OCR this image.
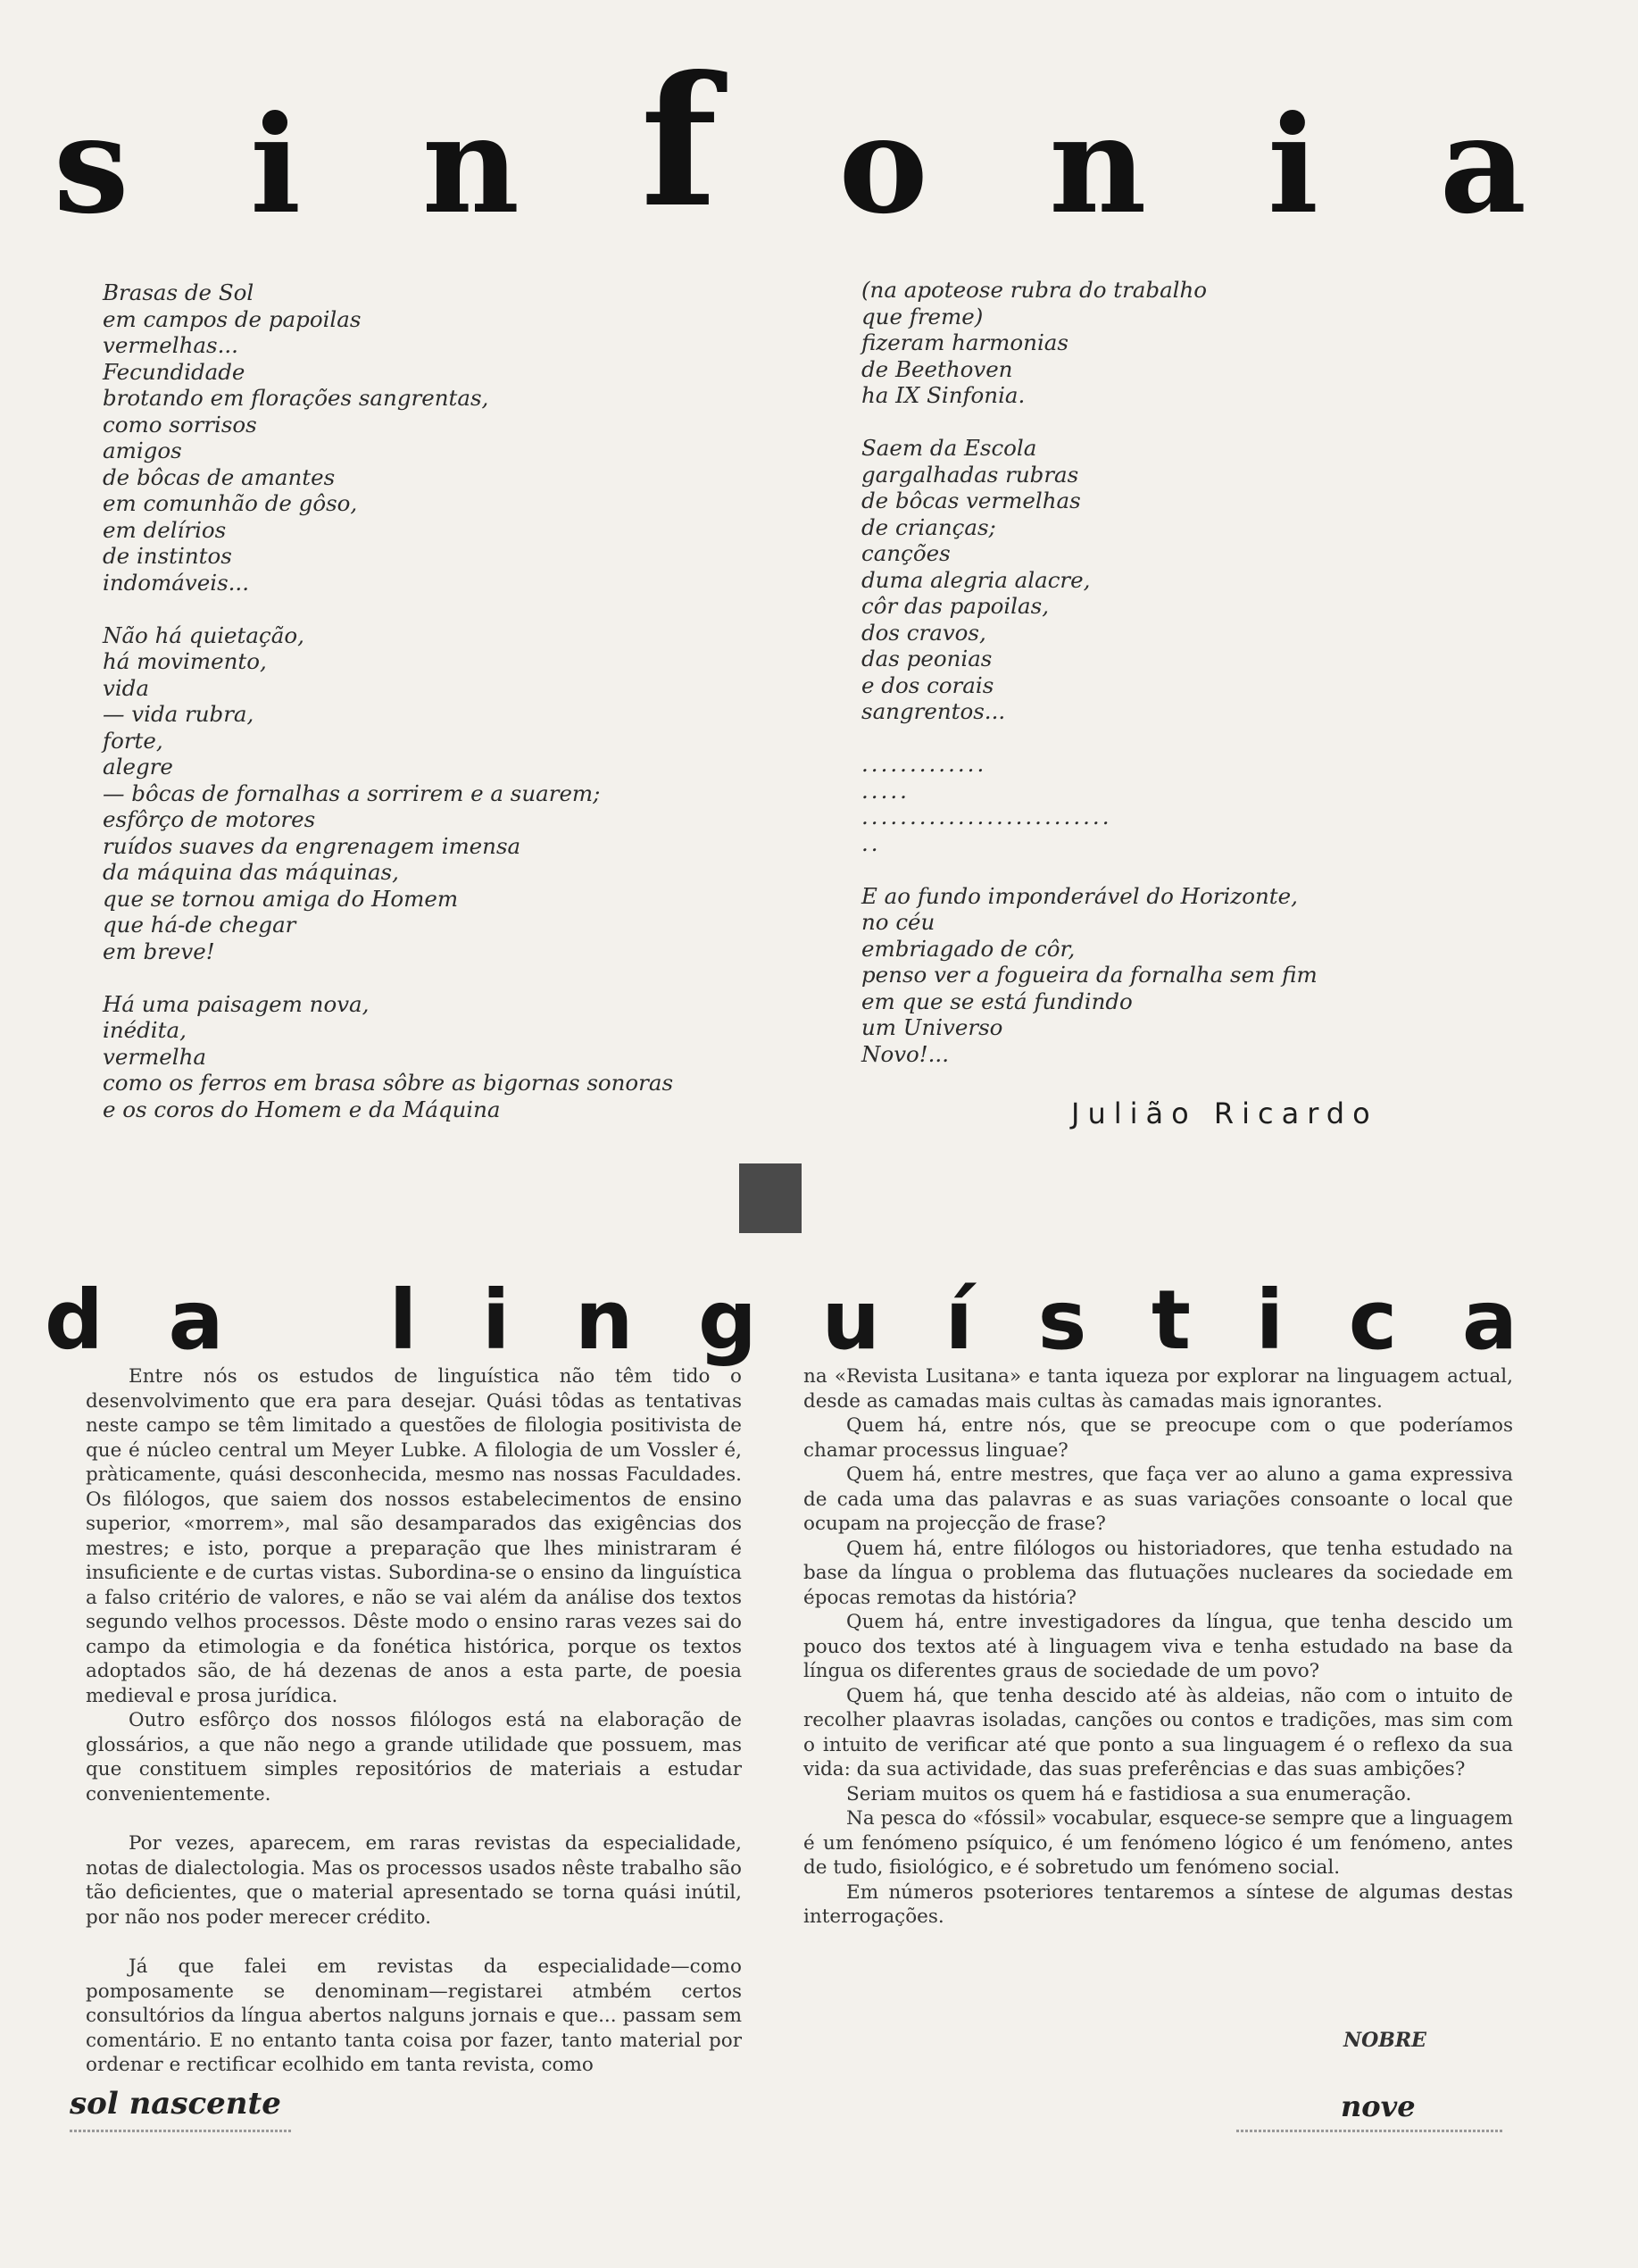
s i n f o n i a
Brasas de Sol
em campos de papoilas
vermelhas...
Fecundidade
brotando em florações sangrentas,
como sorrisos
amigos
de bôcas de amantes
em comunhão de gôso,
em delírios
de instintos
indomáveis...
Não há quietação,
há movimento,
vida
— vida rubra,
forte,
alegre
— bôcas de fornalhas a sorrirem e a suarem;
esfôrço de motores
ruídos suaves da engrenagem imensa
da máquina das máquinas,
que se tornou amiga do Homem
que há-de chegar
em breve!
Há uma paisagem nova,
inédita,
vermelha
como os ferros em brasa sôbre as bigornas sonoras
e os coros do Homem e da Máquina
(na apoteose rubra do trabalho
que freme)
fizeram harmonias
de Beethoven
ha IX Sinfonia.
Saem da Escola
gargalhadas rubras
de bôcas vermelhas
de crianças;
canções
duma alegria alacre,
côr das papoilas,
dos cravos,
das peonias
e dos corais
sangrentos...
.............
.....
..........................
..
E ao fundo imponderável do Horizonte,
no céu
embriagado de côr,
penso ver a fogueira da fornalha sem fim
em que se está fundindo
um Universo
Novo!...
Julião Ricardo
d a l i n g u í s t i c a

Entre nós os estudos de linguística não têm tido o desenvolvimento que era para desejar. Quási tôdas as tentativas neste campo se têm limitado a questões de filologia positivista de que é núcleo central um Meyer Lubke. A filologia de um Vossler é, pràticamente, quási desconhecida, mesmo nas nossas Faculdades. Os filólogos, que saiem dos nossos estabelecimentos de ensino superior, «morrem», mal são desamparados das exigências dos mestres; e isto, porque a preparação que lhes ministraram é insuficiente e de curtas vistas. Subordina-se o ensino da linguística a falso critério de valores, e não se vai além da análise dos textos segundo velhos processos. Dêste modo o ensino raras vezes sai do campo da etimologia e da fonética histórica, porque os textos adoptados são, de há dezenas de anos a esta parte, de poesia medieval e prosa jurídica.

Outro esfôrço dos nossos filólogos está na elaboração de glossários, a que não nego a grande utilidade que possuem, mas que constituem simples repositórios de materiais a estudar convenientemente.

Por vezes, aparecem, em raras revistas da especialidade, notas de dialectologia. Mas os processos usados nêste trabalho são tão deficientes, que o material apresentado se torna quási inútil, por não nos poder merecer crédito.

Já que falei em revistas da especialidade—como pomposamente se denominam—registarei atmbém certos consultórios da língua abertos nalguns jornais e que... passam sem comentário. E no entanto tanta coisa por fazer, tanto material por ordenar e rectificar ecolhido em tanta revista, como

na «Revista Lusitana» e tanta iqueza por explorar na linguagem actual, desde as camadas mais cultas às camadas mais ignorantes.

Quem há, entre nós, que se preocupe com o que poderíamos chamar processus linguae?

Quem há, entre mestres, que faça ver ao aluno a gama expressiva de cada uma das palavras e as suas variações consoante o local que ocupam na projecção de frase?

Quem há, entre filólogos ou historiadores, que tenha estudado na base da língua o problema das flutuações nucleares da sociedade em épocas remotas da história?

Quem há, entre investigadores da língua, que tenha descido um pouco dos textos até à linguagem viva e tenha estudado na base da língua os diferentes graus de sociedade de um povo?

Quem há, que tenha descido até às aldeias, não com o intuito de recolher plaavras isoladas, canções ou contos e tradições, mas sim com o intuito de verificar até que ponto a sua linguagem é o reflexo da sua vida: da sua actividade, das suas preferências e das suas ambições?

Seriam muitos os quem há e fastidiosa a sua enumeração.

Na pesca do «fóssil» vocabular, esquece-se sempre que a linguagem é um fenómeno psíquico, é um fenómeno lógico é um fenómeno, antes de tudo, fisiológico, e é sobretudo um fenómeno social.

Em números psoteriores tentaremos a síntese de algumas destas interrogações.

NOBRE
sol nascente	nove
